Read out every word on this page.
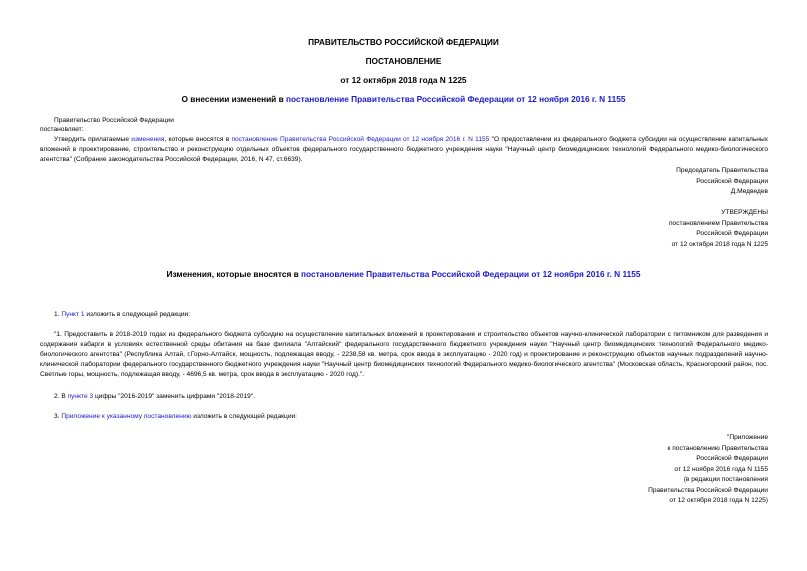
ПРАВИТЕЛЬСТВО РОССИЙСКОЙ ФЕДЕРАЦИИ
ПОСТАНОВЛЕНИЕ
от 12 октября 2018 года N 1225
О внесении изменений в постановление Правительства Российской Федерации от 12 ноября 2016 г. N 1155
Правительство Российской Федерации
постановляет:
Утвердить прилагаемые изменения, которые вносятся в постановление Правительства Российской Федерации от 12 ноября 2016 г. N 1155 "О предоставлении из федерального бюджета субсидии на осуществление капитальных вложений в проектирование, строительство и реконструкцию отдельных объектов федерального государственного бюджетного учреждения науки "Научный центр биомедицинских технологий Федерального медико-биологического агентства" (Собрание законодательства Российской Федерации, 2016, N 47, ст.6639).
Председатель Правительства
Российской Федерации
Д.Медведев
УТВЕРЖДЕНЫ
постановлением Правительства
Российской Федерации
от 12 октября 2018 года N 1225
Изменения, которые вносятся в постановление Правительства Российской Федерации от 12 ноября 2016 г. N 1155
1. Пункт 1 изложить в следующей редакции:
"1. Предоставить в 2018-2019 годах из федерального бюджета субсидию на осуществление капитальных вложений в проектирование и строительство объектов научно-клинической лаборатории с питомником для разведения и содержания кабарги в условиях естественной среды обитания на базе филиала "Алтайский" федерального государственного бюджетного учреждения науки "Научный центр биомедицинских технологий Федерального медико-биологического агентства" (Республика Алтай, г.Горно-Алтайск, мощность, подлежащая вводу, - 2238,58 кв. метра, срок ввода в эксплуатацию - 2020 год) и проектирование и реконструкцию объектов научных подразделений научно-клинической лаборатории федерального государственного бюджетного учреждения науки "Научный центр биомедицинских технологий Федерального медико-биологического агентства" (Московская область, Красногорский район, пос. Светлые горы, мощность, подлежащая вводу, - 4696,5 кв. метра, срок ввода в эксплуатацию - 2020 год).".
2. В пункте 3 цифры "2016-2019" заменить цифрами "2018-2019".
3. Приложение к указанному постановлению изложить в следующей редакции:
"Приложение
к постановлению Правительства
Российской Федерации
от 12 ноября 2016 года N 1155
(в редакции постановления
Правительства Российской Федерации
от 12 октября 2018 года N 1225)
